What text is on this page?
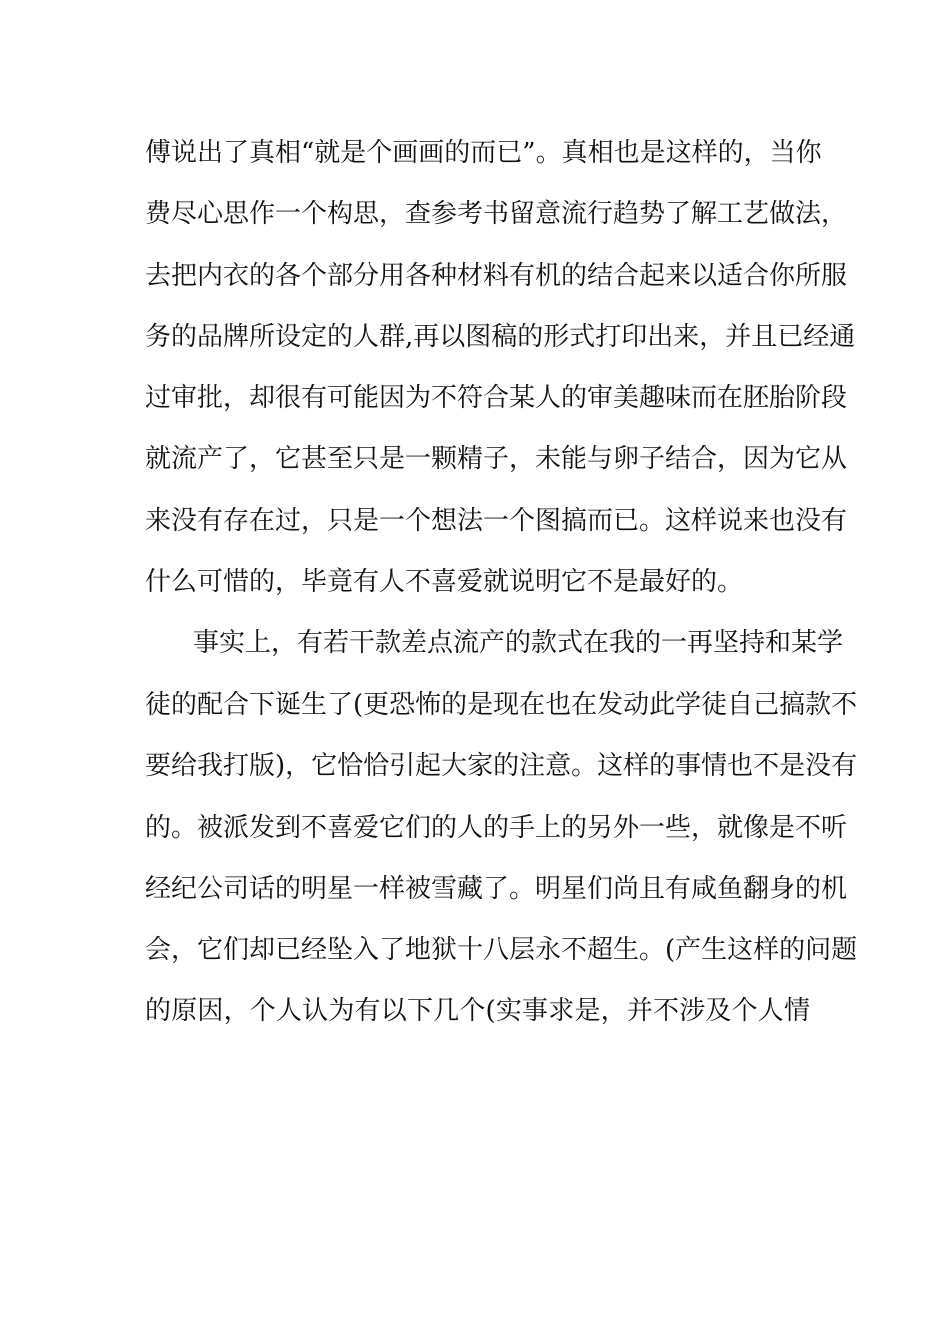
傅说出了真相“就是个画画的而已”。真相也是这样的，当你
费尽心思作一个构思，查参考书留意流行趋势了解工艺做法，
去把内衣的各个部分用各种材料有机的结合起来以适合你所服
务的品牌所设定的人群,再以图稿的形式打印出来，并且已经通
过审批，却很有可能因为不符合某人的审美趣味而在胚胎阶段
就流产了，它甚至只是一颗精子，未能与卵子结合，因为它从
来没有存在过，只是一个想法一个图搞而已。这样说来也没有
什么可惜的，毕竟有人不喜爱就说明它不是最好的。
事实上，有若干款差点流产的款式在我的一再坚持和某学
徒的配合下诞生了(更恐怖的是现在也在发动此学徒自己搞款不
要给我打版)，它恰恰引起大家的注意。这样的事情也不是没有
的。被派发到不喜爱它们的人的手上的另外一些，就像是不听
经纪公司话的明星一样被雪藏了。明星们尚且有咸鱼翻身的机
会，它们却已经坠入了地狱十八层永不超生。(产生这样的问题
的原因，个人认为有以下几个(实事求是，并不涉及个人情
